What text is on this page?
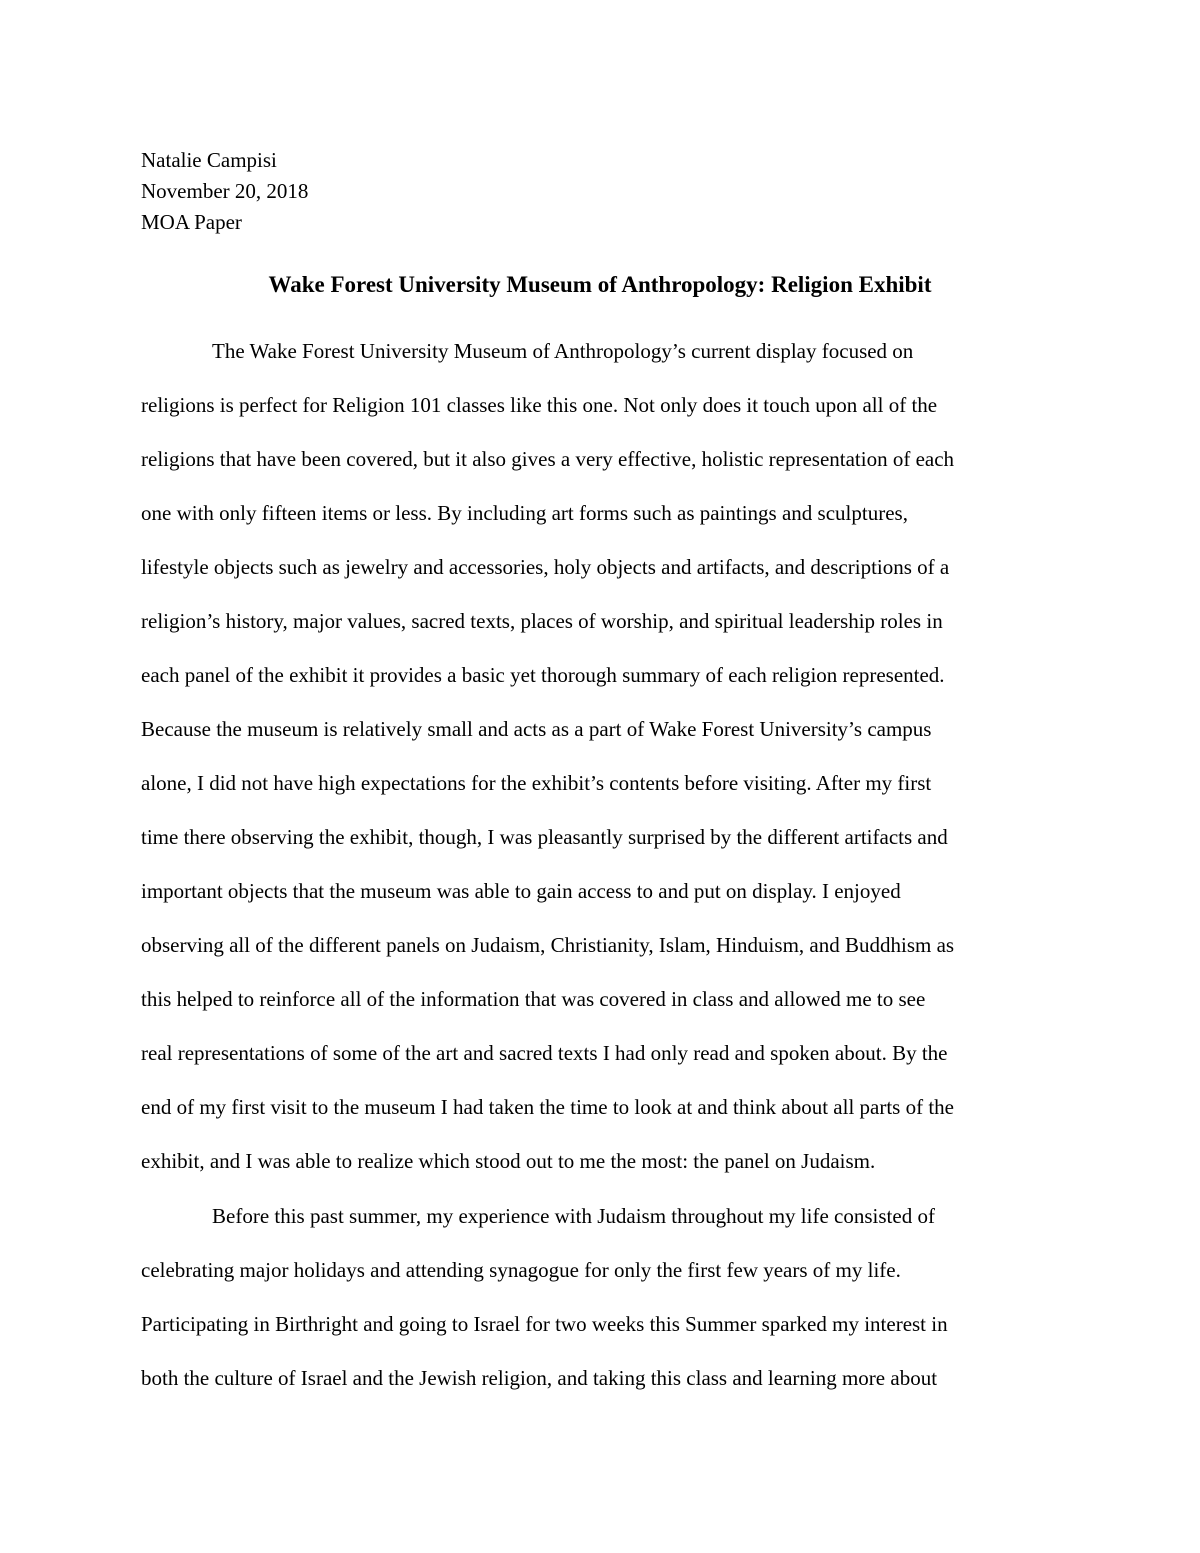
Natalie Campisi
November 20, 2018
MOA Paper
Wake Forest University Museum of Anthropology: Religion Exhibit
The Wake Forest University Museum of Anthropology’s current display focused on
religions is perfect for Religion 101 classes like this one. Not only does it touch upon all of the
religions that have been covered, but it also gives a very effective, holistic representation of each
one with only fifteen items or less. By including art forms such as paintings and sculptures,
lifestyle objects such as jewelry and accessories, holy objects and artifacts, and descriptions of a
religion’s history, major values, sacred texts, places of worship, and spiritual leadership roles in
each panel of the exhibit it provides a basic yet thorough summary of each religion represented.
Because the museum is relatively small and acts as a part of Wake Forest University’s campus
alone, I did not have high expectations for the exhibit’s contents before visiting. After my first
time there observing the exhibit, though, I was pleasantly surprised by the different artifacts and
important objects that the museum was able to gain access to and put on display. I enjoyed
observing all of the different panels on Judaism, Christianity, Islam, Hinduism, and Buddhism as
this helped to reinforce all of the information that was covered in class and allowed me to see
real representations of some of the art and sacred texts I had only read and spoken about. By the
end of my first visit to the museum I had taken the time to look at and think about all parts of the
exhibit, and I was able to realize which stood out to me the most: the panel on Judaism.
Before this past summer, my experience with Judaism throughout my life consisted of
celebrating major holidays and attending synagogue for only the first few years of my life.
Participating in Birthright and going to Israel for two weeks this Summer sparked my interest in
both the culture of Israel and the Jewish religion, and taking this class and learning more about
